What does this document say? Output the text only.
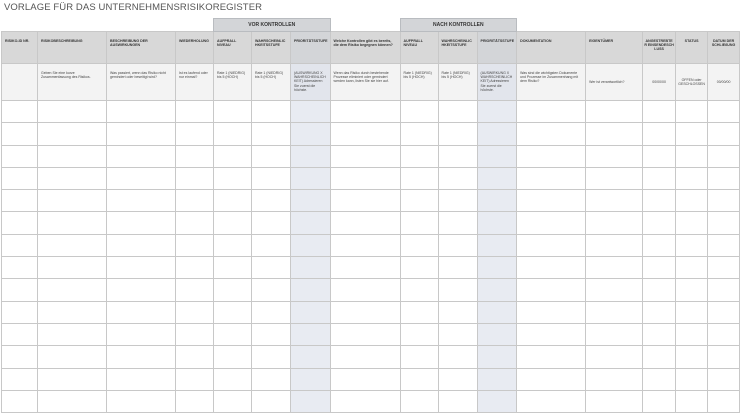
VORLAGE FÜR DAS UNTERNEHMENSRISIKOREGISTER
				VOR KONTROLLEN				NACH KONTROLLEN							
RISIKO-ID NR.	RISIKOBESCHREIBUNG	BESCHREIBUNG DER AUSWIRKUNGEN	WIEDERHOLUNG	AUFPRALL NIVEAU	WAHRSCHEINLIC HKEITSSTUFE	PRIORITÄTSSTUFE	Welche Kontrollen gibt es bereits, die dem Risiko begegnen können?	AUFPRALL NIVEAU	WAHRSCHEINLIC HKEITSSTUFE	PRIORITÄTSSTUFE	DOKUMENTATION	EIGENTÜMER	ANGESTREBTE R EINSENDESCH LUSS	STATUS	DATUM DER SCHLIEßUNG
	Geben Sie eine kurze Zusammenfassung des Risikos.	Was passiert, wenn das Risiko nicht gemindert oder beseitigt wird?	Ist es laufend oder nur einmal?	Rate 1 (NIEDRIG) bis 5 (HOCH)	Rate 1 (NIEDRIG) bis 5 (HOCH)	(AUSWIRKUNG X WAHRSCHEINLICH KEIT) Adressieren Sie zuerst die höchste.	Wenn das Risiko durch bestehende Prozesse eliminiert oder gemindert werden kann, listen Sie sie hier auf.	Rate 1 (NIEDRIG) bis 5 (HOCH)	Rate 1 (NIEDRIG) bis 5 (HOCH)	(AUSWIRKUNG X WAHRSCHEINLICH KEIT) Adressieren Sie zuerst die höchste.	Was sind die wichtigsten Dokumente und Prozesse im Zusammenhang mit dem Risiko?	Wer ist verantwortlich?	00/00/00	OFFEN oder GESCHLOSSEN	00/00/00
